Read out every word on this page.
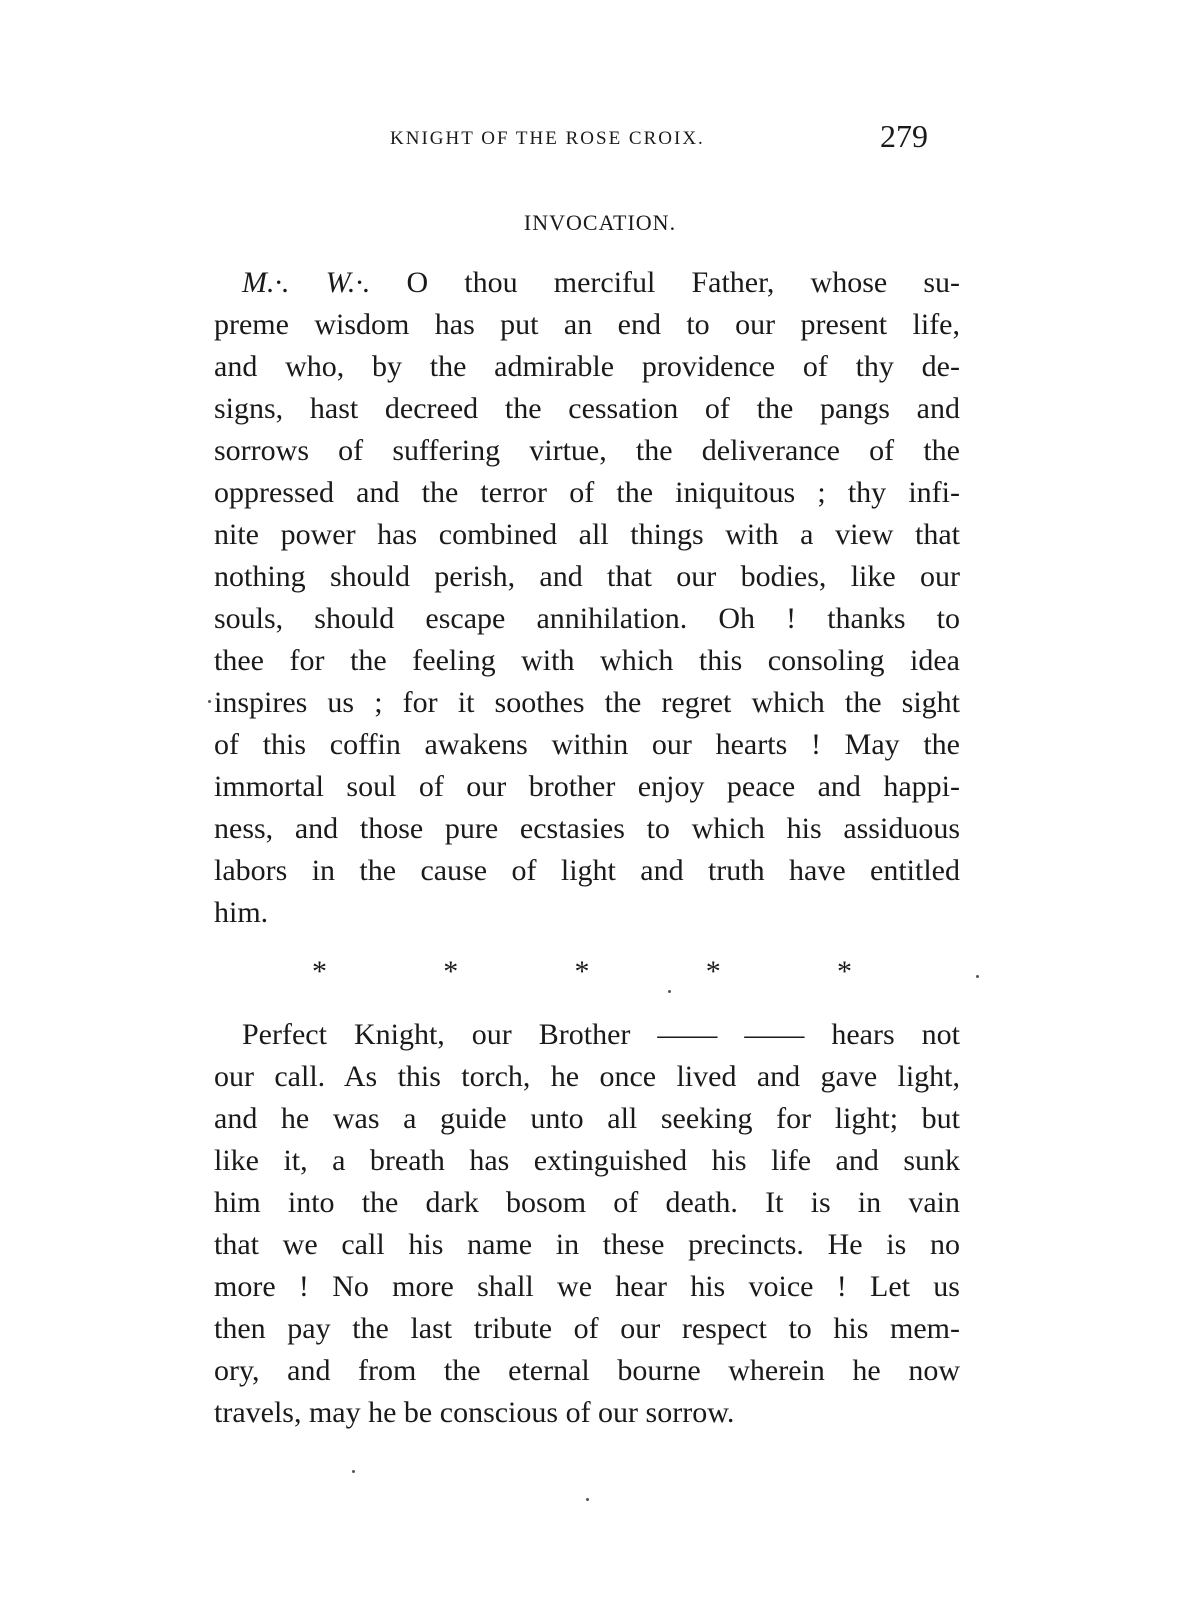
KNIGHT OF THE ROSE CROIX.	279
INVOCATION.
M.·. W.·. O thou merciful Father, whose su-
preme wisdom has put an end to our present life,
and who, by the admirable providence of thy de-
signs, hast decreed the cessation of the pangs and
sorrows of suffering virtue, the deliverance of the
oppressed and the terror of the iniquitous ; thy infi-
nite power has combined all things with a view that
nothing should perish, and that our bodies, like our
souls, should escape annihilation. Oh ! thanks to
thee for the feeling with which this consoling idea
inspires us ; for it soothes the regret which the sight
of this coffin awakens within our hearts ! May the
immortal soul of our brother enjoy peace and happi-
ness, and those pure ecstasies to which his assiduous
labors in the cause of light and truth have entitled
him.
*	*	*	*	*
Perfect Knight, our Brother —— —— hears not
our call. As this torch, he once lived and gave light,
and he was a guide unto all seeking for light; but
like it, a breath has extinguished his life and sunk
him into the dark bosom of death. It is in vain
that we call his name in these precincts. He is no
more ! No more shall we hear his voice ! Let us
then pay the last tribute of our respect to his mem-
ory, and from the eternal bourne wherein he now
travels, may he be conscious of our sorrow.
